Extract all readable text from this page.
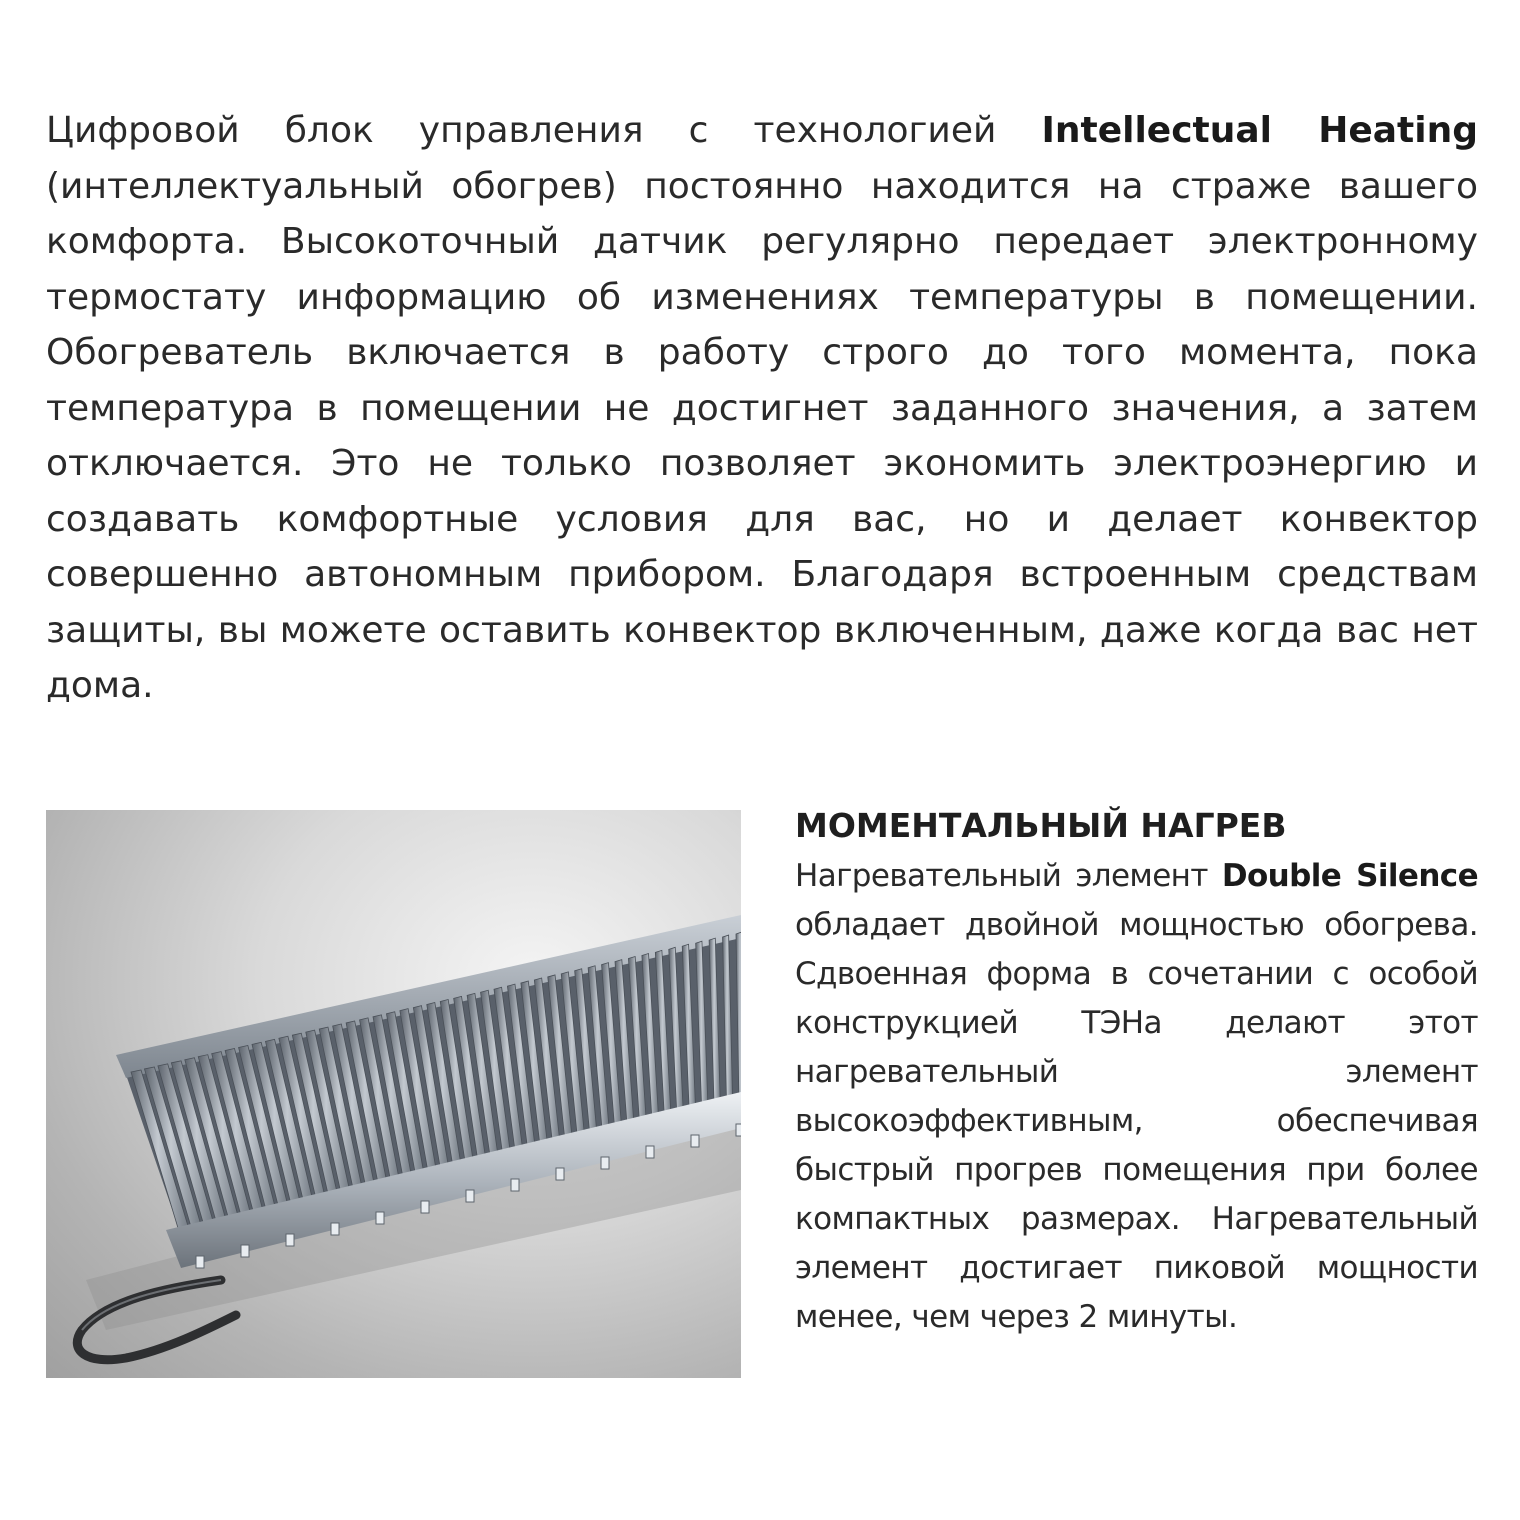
Цифровой блок управления с технологией Intellectual Heating (интеллектуальный обогрев) постоянно находится на страже вашего комфорта. Высокоточный датчик регулярно передает электронному термостату информацию об изменениях температуры в помещении. Обогреватель включается в работу строго до того момента, пока температура в помещении не достигнет заданного значения, а затем отключается. Это не только позволяет экономить электроэнергию и создавать комфортные условия для вас, но и делает конвектор совершенно автономным прибором. Благодаря встроенным средствам защиты, вы можете оставить конвектор включенным, даже когда вас нет дома.

МОМЕНТАЛЬНЫЙ НАГРЕВ

Нагревательный элемент Double Silence обладает двойной мощностью обогрева. Сдвоенная форма в сочетании с особой конструкцией ТЭНа делают этот нагревательный элемент высокоэффективным, обеспечивая быстрый прогрев помещения при более компактных размерах. Нагревательный элемент достигает пиковой мощности менее, чем через 2 минуты.
